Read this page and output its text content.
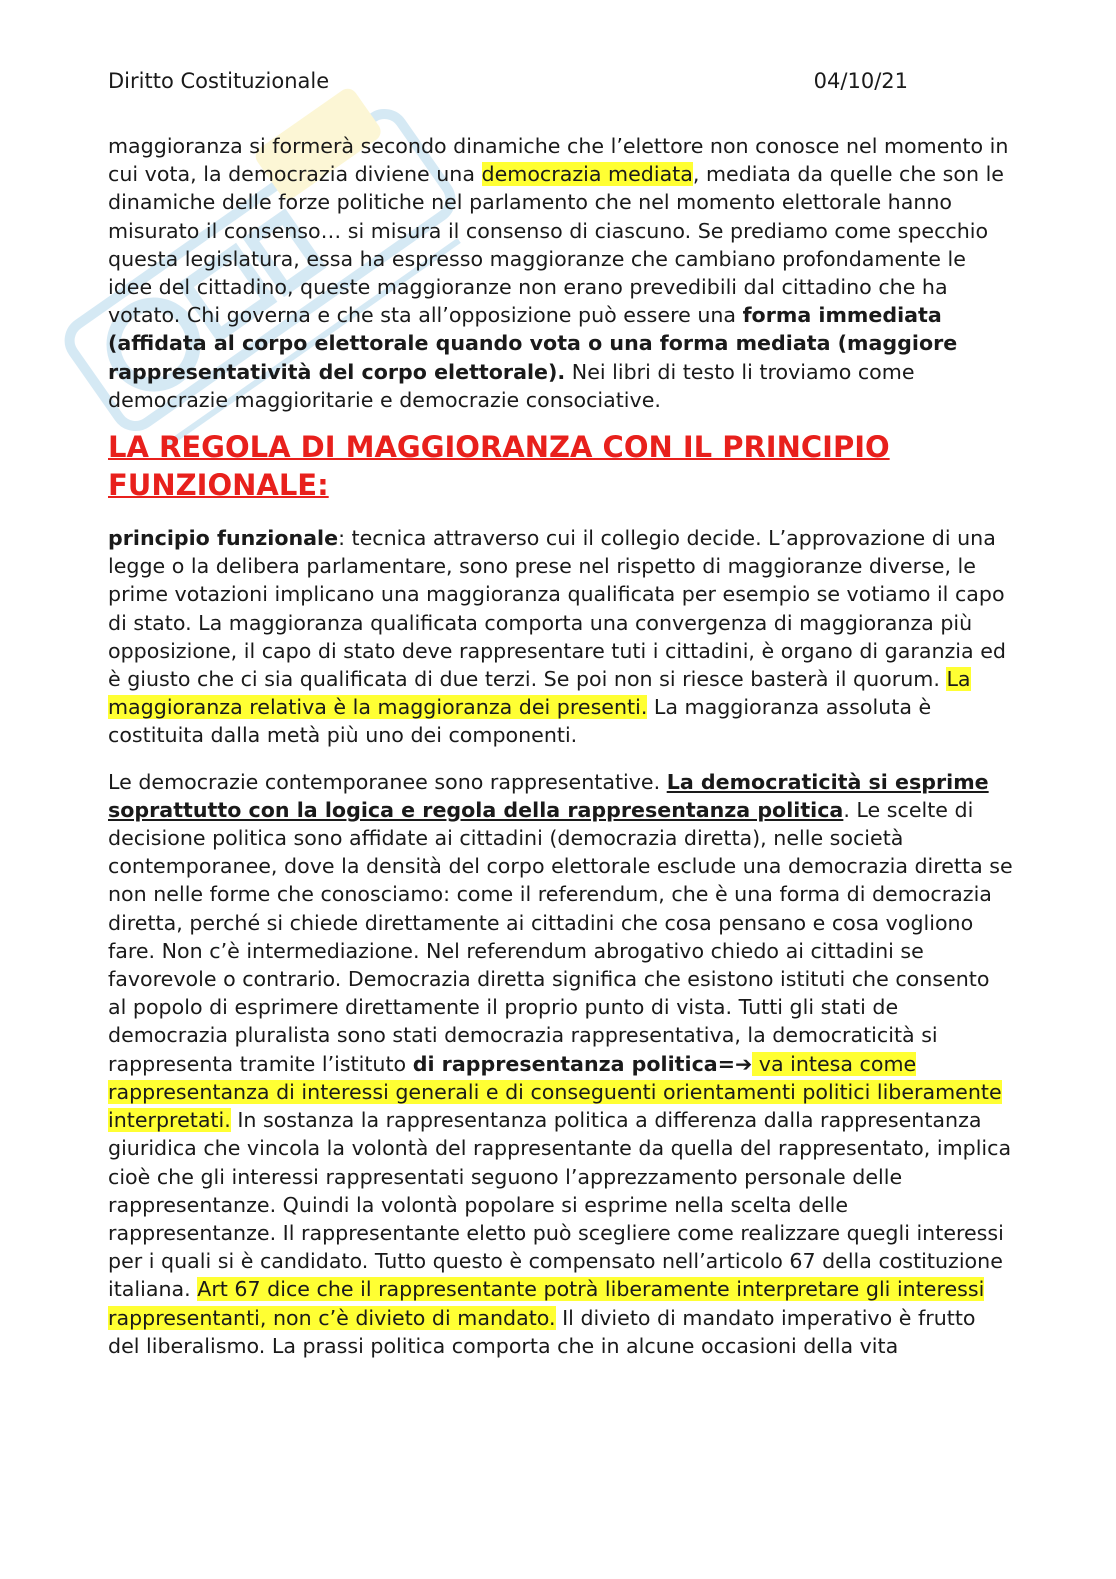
Diritto Costituzionale	04/10/21

maggioranza si formerà secondo dinamiche che l’elettore non conosce nel momento in cui vota, la democrazia diviene una democrazia mediata, mediata da quelle che son le dinamiche delle forze politiche nel parlamento che nel momento elettorale hanno misurato il consenso… si misura il consenso di ciascuno. Se prediamo come specchio questa legislatura, essa ha espresso maggioranze che cambiano profondamente le idee del cittadino, queste maggioranze non erano prevedibili dal cittadino che ha votato. Chi governa e che sta all’opposizione può essere una forma immediata (affidata al corpo elettorale quando vota o una forma mediata (maggiore rappresentatività del corpo elettorale). Nei libri di testo li troviamo come democrazie maggioritarie e democrazie consociative.

LA REGOLA DI MAGGIORANZA CON IL PRINCIPIO FUNZIONALE:

principio funzionale: tecnica attraverso cui il collegio decide. L’approvazione di una legge o la delibera parlamentare, sono prese nel rispetto di maggioranze diverse, le prime votazioni implicano una maggioranza qualificata per esempio se votiamo il capo di stato. La maggioranza qualificata comporta una convergenza di maggioranza più opposizione, il capo di stato deve rappresentare tuti i cittadini, è organo di garanzia ed è giusto che ci sia qualificata di due terzi. Se poi non si riesce basterà il quorum. La maggioranza relativa è la maggioranza dei presenti. La maggioranza assoluta è costituita dalla metà più uno dei componenti.

Le democrazie contemporanee sono rappresentative. La democraticità si esprime soprattutto con la logica e regola della rappresentanza politica. Le scelte di decisione politica sono affidate ai cittadini (democrazia diretta), nelle società contemporanee, dove la densità del corpo elettorale esclude una democrazia diretta se non nelle forme che conosciamo: come il referendum, che è una forma di democrazia diretta, perché si chiede direttamente ai cittadini che cosa pensano e cosa vogliono fare. Non c’è intermediazione. Nel referendum abrogativo chiedo ai cittadini se favorevole o contrario. Democrazia diretta significa che esistono istituti che consento al popolo di esprimere direttamente il proprio punto di vista. Tutti gli stati de democrazia pluralista sono stati democrazia rappresentativa, la democraticità si rappresenta tramite l’istituto di rappresentanza politica=➔ va intesa come rappresentanza di interessi generali e di conseguenti orientamenti politici liberamente interpretati. In sostanza la rappresentanza politica a differenza dalla rappresentanza giuridica che vincola la volontà del rappresentante da quella del rappresentato, implica cioè che gli interessi rappresentati seguono l’apprezzamento personale delle rappresentanze. Quindi la volontà popolare si esprime nella scelta delle rappresentanze. Il rappresentante eletto può scegliere come realizzare quegli interessi per i quali si è candidato. Tutto questo è compensato nell’articolo 67 della costituzione italiana. Art 67 dice che il rappresentante potrà liberamente interpretare gli interessi rappresentanti, non c’è divieto di mandato. Il divieto di mandato imperativo è frutto del liberalismo. La prassi politica comporta che in alcune occasioni della vita
